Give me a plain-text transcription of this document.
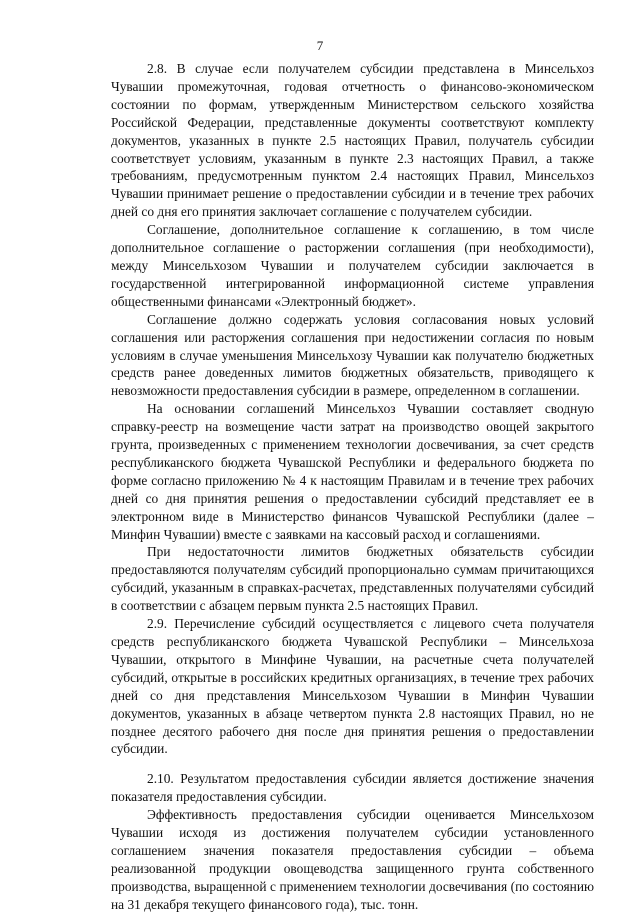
7

2.8. В случае если получателем субсидии представлена в Минсельхоз Чувашии промежуточная, годовая отчетность о финансово-экономическом состоянии по формам, утвержденным Министерством сельского хозяйства Российской Федерации, представленные документы соответствуют комплекту документов, указанных в пункте 2.5 настоящих Правил, получатель субсидии соответствует условиям, указанным в пункте 2.3 настоящих Правил, а также требованиям, предусмотренным пунктом 2.4 настоящих Правил, Минсельхоз Чувашии принимает решение о предоставлении субсидии и в течение трех рабочих дней со дня его принятия заключает соглашение с получателем субсидии.

Соглашение, дополнительное соглашение к соглашению, в том числе дополнительное соглашение о расторжении соглашения (при необходимости), между Минсельхозом Чувашии и получателем субсидии заключается в государственной интегрированной информационной системе управления общественными финансами «Электронный бюджет».

Соглашение должно содержать условия согласования новых условий соглашения или расторжения соглашения при недостижении согласия по новым условиям в случае уменьшения Минсельхозу Чувашии как получателю бюджетных средств ранее доведенных лимитов бюджетных обязательств, приводящего к невозможности предоставления субсидии в размере, определенном в соглашении.

На основании соглашений Минсельхоз Чувашии составляет сводную справку-реестр на возмещение части затрат на производство овощей закрытого грунта, произведенных с применением технологии досвечивания, за счет средств республиканского бюджета Чувашской Республики и федерального бюджета по форме согласно приложению № 4 к настоящим Правилам и в течение трех рабочих дней со дня принятия решения о предоставлении субсидий представляет ее в электронном виде в Министерство финансов Чувашской Республики (далее – Минфин Чувашии) вместе с заявками на кассовый расход и соглашениями.

При недостаточности лимитов бюджетных обязательств субсидии предоставляются получателям субсидий пропорционально суммам причитающихся субсидий, указанным в справках-расчетах, представленных получателями субсидий в соответствии с абзацем первым пункта 2.5 настоящих Правил.

2.9. Перечисление субсидий осуществляется с лицевого счета получателя средств республиканского бюджета Чувашской Республики – Минсельхоза Чувашии, открытого в Минфине Чувашии, на расчетные счета получателей субсидий, открытые в российских кредитных организациях, в течение трех рабочих дней со дня представления Минсельхозом Чувашии в Минфин Чувашии документов, указанных в абзаце четвертом пункта 2.8 настоящих Правил, но не позднее десятого рабочего дня после дня принятия решения о предоставлении субсидии.

2.10. Результатом предоставления субсидии является достижение значения показателя предоставления субсидии.

Эффективность предоставления субсидии оценивается Минсельхозом Чувашии исходя из достижения получателем субсидии установленного соглашением значения показателя предоставления субсидии – объема реализованной продукции овощеводства защищенного грунта собственного производства, выращенной с применением технологии досвечивания (по состоянию на 31 декабря текущего финансового года), тыс. тонн.
